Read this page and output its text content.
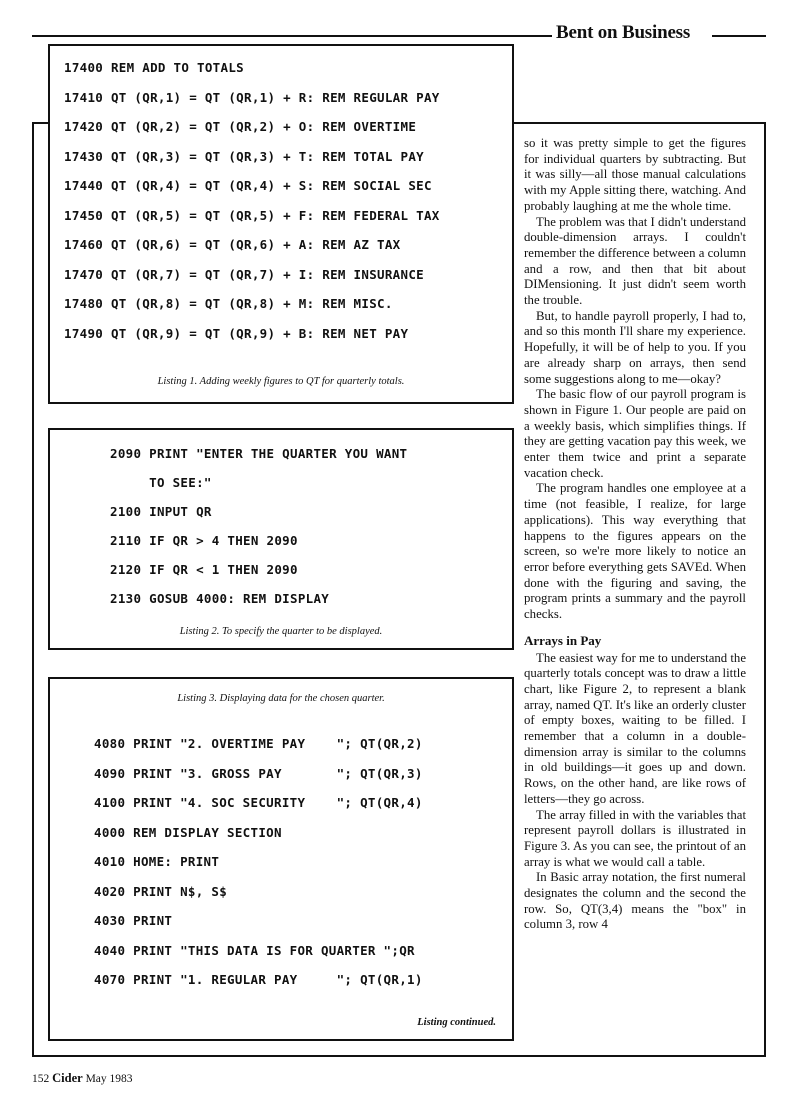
Bent on Business
17400 REM ADD TO TOTALS
17410 QT (QR,1) = QT (QR,1) + R: REM REGULAR PAY
17420 QT (QR,2) = QT (QR,2) + O: REM OVERTIME
17430 QT (QR,3) = QT (QR,3) + T: REM TOTAL PAY
17440 QT (QR,4) = QT (QR,4) + S: REM SOCIAL SEC
17450 QT (QR,5) = QT (QR,5) + F: REM FEDERAL TAX
17460 QT (QR,6) = QT (QR,6) + A: REM AZ TAX
17470 QT (QR,7) = QT (QR,7) + I: REM INSURANCE
17480 QT (QR,8) = QT (QR,8) + M: REM MISC.
17490 QT (QR,9) = QT (QR,9) + B: REM NET PAY
Listing 1. Adding weekly figures to QT for quarterly totals.
2090 PRINT "ENTER THE QUARTER YOU WANT
TO SEE:"
2100 INPUT QR
2110 IF QR > 4 THEN 2090
2120 IF QR < 1 THEN 2090
2130 GOSUB 4000: REM DISPLAY
Listing 2. To specify the quarter to be displayed.
Listing 3. Displaying data for the chosen quarter.
4080 PRINT "2. OVERTIME PAY    "; QT(QR,2)
4090 PRINT "3. GROSS PAY       "; QT(QR,3)
4100 PRINT "4. SOC SECURITY    "; QT(QR,4)
4000 REM DISPLAY SECTION
4010 HOME: PRINT
4020 PRINT N$, S$
4030 PRINT
4040 PRINT "THIS DATA IS FOR QUARTER ";QR
4070 PRINT "1. REGULAR PAY     "; QT(QR,1)
Listing continued.

so it was pretty simple to get the figures for individual quarters by subtracting. But it was silly—all those manual calculations with my Apple sitting there, watching. And probably laughing at me the whole time.

The problem was that I didn't understand double-dimension arrays. I couldn't remember the difference between a column and a row, and then that bit about DIMensioning. It just didn't seem worth the trouble.

But, to handle payroll properly, I had to, and so this month I'll share my experience. Hopefully, it will be of help to you. If you are already sharp on arrays, then send some suggestions along to me—okay?

The basic flow of our payroll program is shown in Figure 1. Our people are paid on a weekly basis, which simplifies things. If they are getting vacation pay this week, we enter them twice and print a separate vacation check.

The program handles one employee at a time (not feasible, I realize, for large applications). This way everything that happens to the figures appears on the screen, so we're more likely to notice an error before everything gets SAVEd. When done with the figuring and saving, the program prints a summary and the payroll checks.

Arrays in Pay

The easiest way for me to understand the quarterly totals concept was to draw a little chart, like Figure 2, to represent a blank array, named QT. It's like an orderly cluster of empty boxes, waiting to be filled. I remember that a column in a double-dimension array is similar to the columns in old buildings—it goes up and down. Rows, on the other hand, are like rows of letters—they go across.

The array filled in with the variables that represent payroll dollars is illustrated in Figure 3. As you can see, the printout of an array is what we would call a table.

In Basic array notation, the first numeral designates the column and the second the row. So, QT(3,4) means the "box" in column 3, row 4

152 Cider May 1983
